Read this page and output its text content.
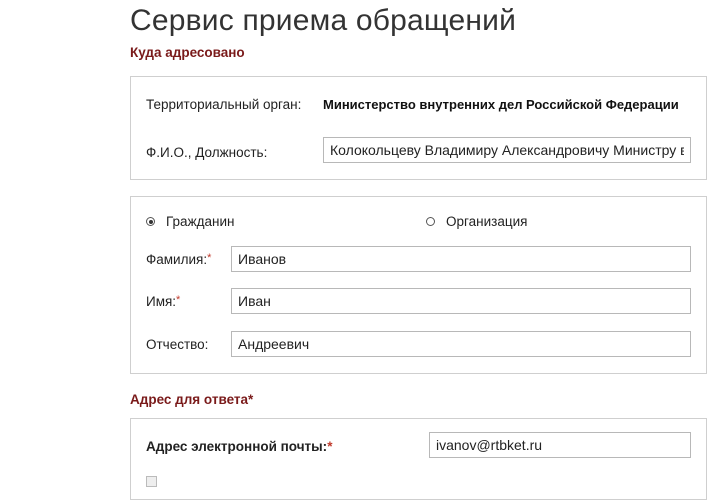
Сервис приема обращений
Куда адресовано
Территориальный орган: Министерство внутренних дел Российской Федерации
Ф.И.О., Должность:
Колокольцеву Владимиру Александровичу Министру вн
Гражданин	Организация
Фамилия:*
Иванов
Имя:*
Иван
Отчество:
Андреевич
Адрес для ответа*
Адрес электронной почты:*
ivanov@rtbket.ru
